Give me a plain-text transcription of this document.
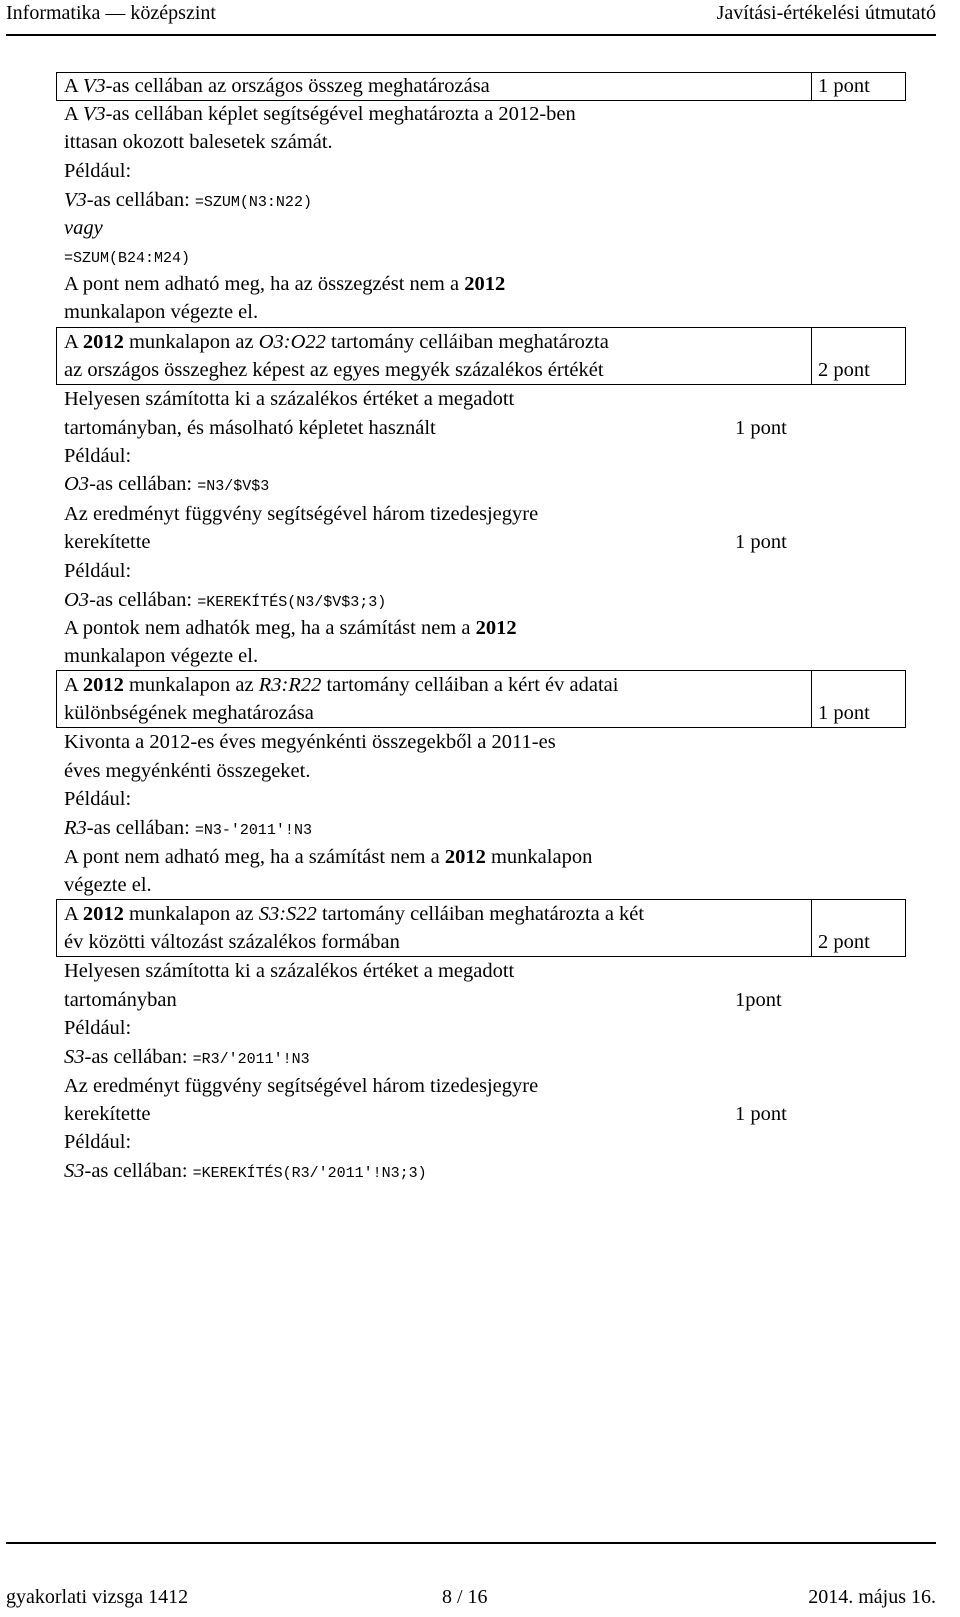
Informatika — középszint	Javítási-értékelési útmutató
A V3-as cellában az országos összeg meghatározása	1 pont
A V3-as cellában képlet segítségével meghatározta a 2012-ben
ittasan okozott balesetek számát.
Például:
V3-as cellában: =SZUM(N3:N22)
vagy
=SZUM(B24:M24)
A pont nem adható meg, ha az összegzést nem a 2012
munkalapon végezte el.
A 2012 munkalapon az O3:O22 tartomány celláiban meghatározta
az országos összeghez képest az egyes megyék százalékos értékét	2 pont
Helyesen számította ki a százalékos értéket a megadott
tartományban, és másolható képletet használt	1 pont
Például:
O3-as cellában: =N3/$V$3
Az eredményt függvény segítségével három tizedesjegyre
kerekítette	1 pont
Például:
O3-as cellában: =KEREKÍTÉS(N3/$V$3;3)
A pontok nem adhatók meg, ha a számítást nem a 2012
munkalapon végezte el.
A 2012 munkalapon az R3:R22 tartomány celláiban a kért év adatai
különbségének meghatározása	1 pont
Kivonta a 2012-es éves megyénkénti összegekből a 2011-es
éves megyénkénti összegeket.
Például:
R3-as cellában: =N3-'2011'!N3
A pont nem adható meg, ha a számítást nem a 2012 munkalapon
végezte el.
A 2012 munkalapon az S3:S22 tartomány celláiban meghatározta a két
év közötti változást százalékos formában	2 pont
Helyesen számította ki a százalékos értéket a megadott
tartományban	1pont
Például:
S3-as cellában: =R3/'2011'!N3
Az eredményt függvény segítségével három tizedesjegyre
kerekítette	1 pont
Például:
S3-as cellában: =KEREKÍTÉS(R3/'2011'!N3;3)
gyakorlati vizsga 1412	8 / 16	2014. május 16.
